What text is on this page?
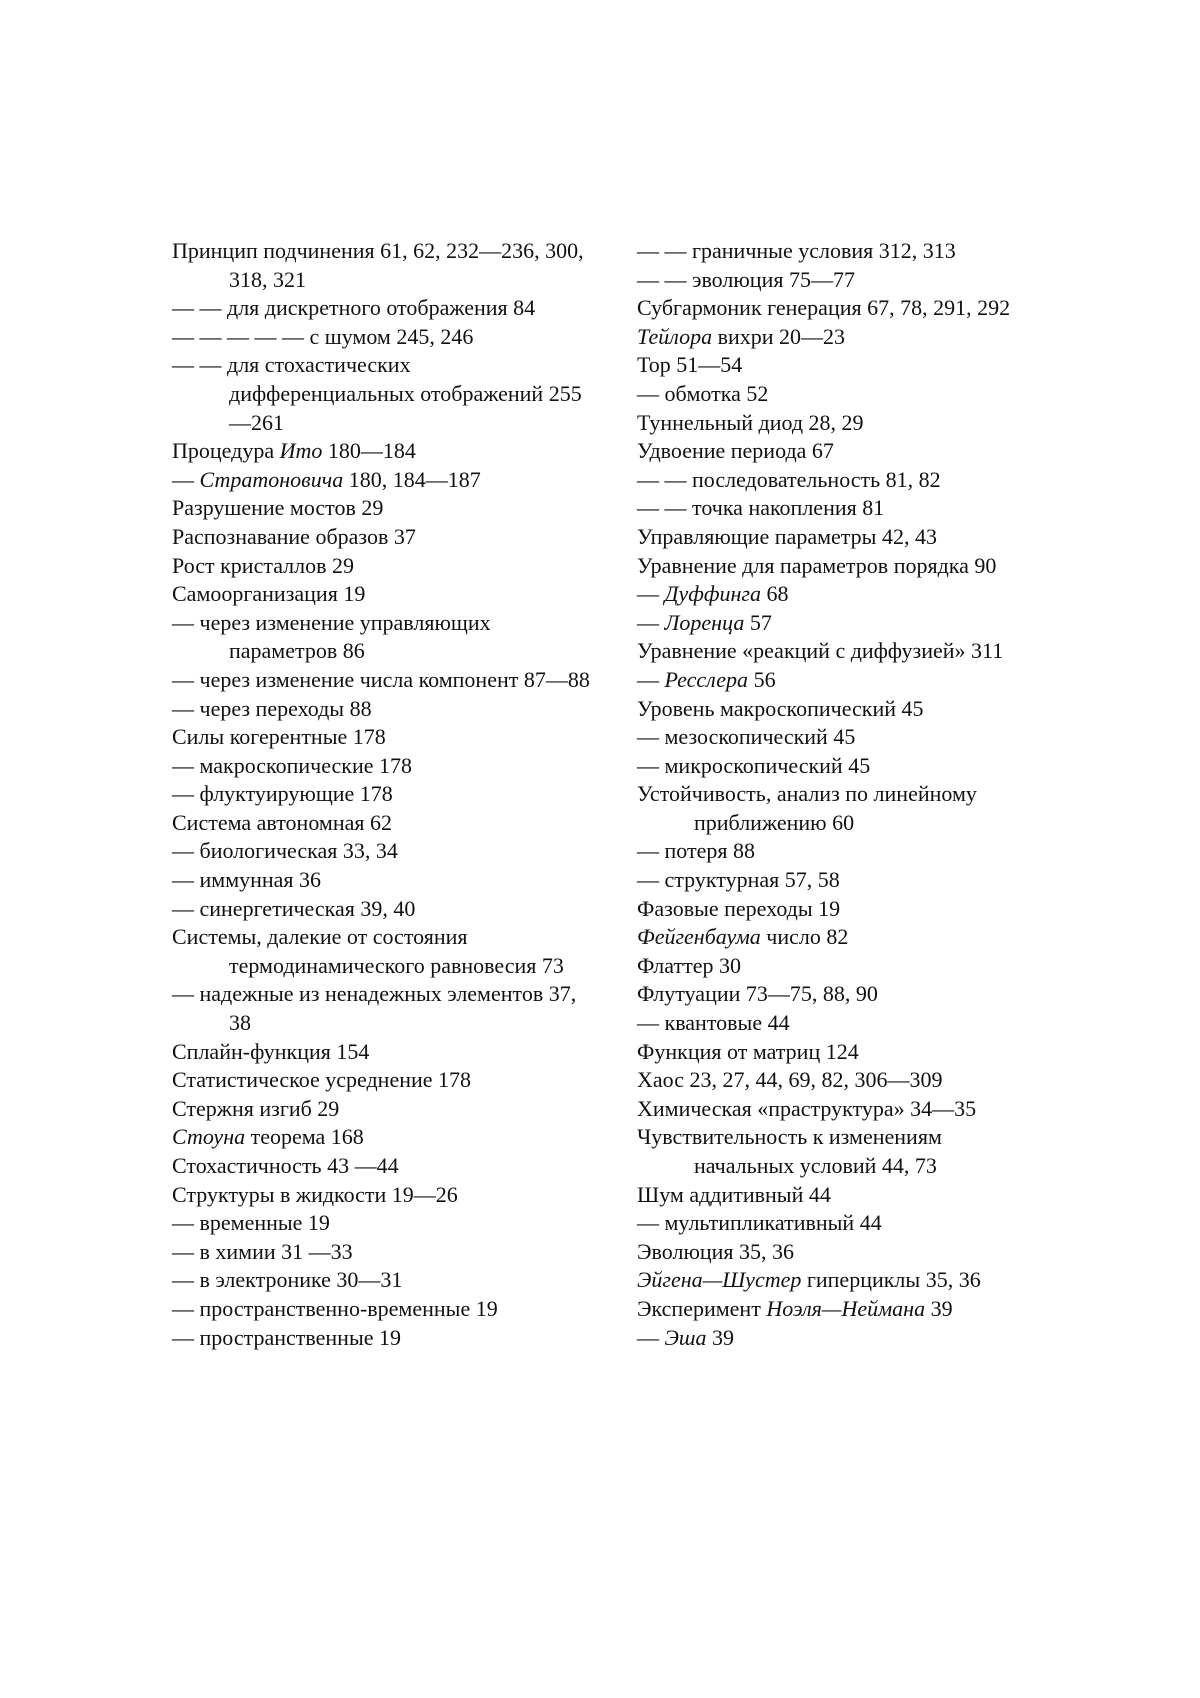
Принцип подчинения 61, 62, 232—236, 300, 318, 321
— — для дискретного отображения 84
— — — — — с шумом 245, 246
— — для стохастических дифференциальных отображений 255—261
Процедура Ито 180—184
— Стратоновича 180, 184—187
Разрушение мостов 29
Распознавание образов 37
Рост кристаллов 29
Самоорганизация 19
— через изменение управляющих параметров 86
— через изменение числа компонент 87—88
— через переходы 88
Силы когерентные 178
— макроскопические 178
— флуктуирующие 178
Система автономная 62
— биологическая 33, 34
— иммунная 36
— синергетическая 39, 40
Системы, далекие от состояния термодинамического равновесия 73
— надежные из ненадежных элементов 37, 38
Сплайн-функция 154
Статистическое усреднение 178
Стержня изгиб 29
Стоуна теорема 168
Стохастичность 43 —44
Структуры в жидкости 19—26
— временные 19
— в химии 31 —33
— в электронике 30—31
— пространственно-временные 19
— пространственные 19
— — граничные условия 312, 313
— — эволюция 75—77
Субгармоник генерация 67, 78, 291, 292
Тейлора вихри 20—23
Тор 51—54
— обмотка 52
Туннельный диод 28, 29
Удвоение периода 67
— — последовательность 81, 82
— — точка накопления 81
Управляющие параметры 42, 43
Уравнение для параметров порядка 90
— Дуффинга 68
— Лоренца 57
Уравнение «реакций с диффузией» 311
— Ресслера 56
Уровень макроскопический 45
— мезоскопический 45
— микроскопический 45
Устойчивость, анализ по линейному приближению 60
— потеря 88
— структурная 57, 58
Фазовые переходы 19
Фейгенбаума число 82
Флаттер 30
Флутуации 73—75, 88, 90
— квантовые 44
Функция от матриц 124
Хаос 23, 27, 44, 69, 82, 306—309
Химическая «праструктура» 34—35
Чувствительность к изменениям начальных условий 44, 73
Шум аддитивный 44
— мультипликативный 44
Эволюция 35, 36
Эйгена—Шустер гиперциклы 35, 36
Эксперимент Ноэля—Неймана 39
— Эша 39
